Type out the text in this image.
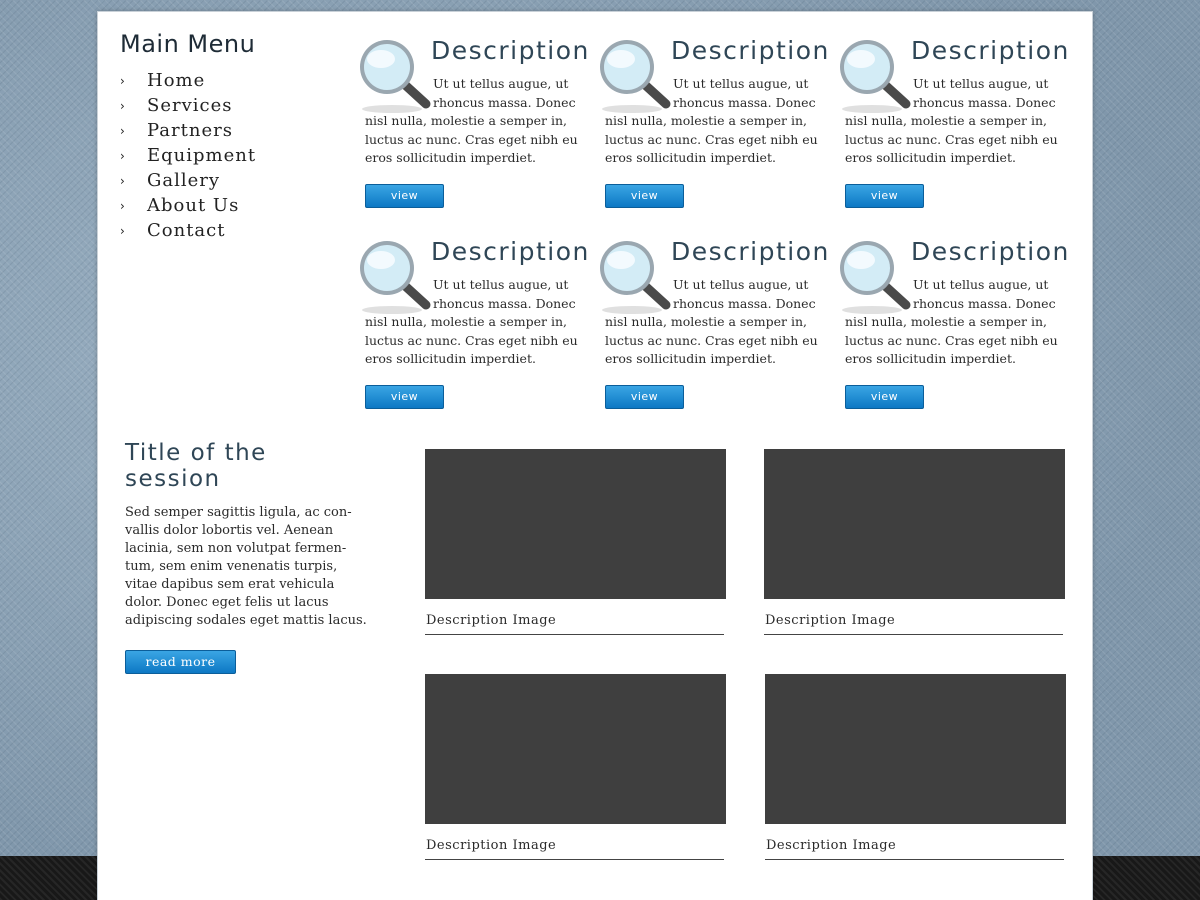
Main Menu
›	Home
›	Services
›	Partners
›	Equipment
›	Gallery
›	About Us
›	Contact
Description
Ut ut tellus augue, ut rhoncus massa. Donec nisl nulla, molestie a semper in, luctus ac nunc. Cras eget nibh eu eros sollicitudin imperdiet.
view
Description
Ut ut tellus augue, ut rhoncus massa. Donec nisl nulla, molestie a semper in, luctus ac nunc. Cras eget nibh eu eros sollicitudin imperdiet.
view
Description
Ut ut tellus augue, ut rhoncus massa. Donec nisl nulla, molestie a semper in, luctus ac nunc. Cras eget nibh eu eros sollicitudin imperdiet.
view
Description
Ut ut tellus augue, ut rhoncus massa. Donec nisl nulla, molestie a semper in, luctus ac nunc. Cras eget nibh eu eros sollicitudin imperdiet.
view
Description
Ut ut tellus augue, ut rhoncus massa. Donec nisl nulla, molestie a semper in, luctus ac nunc. Cras eget nibh eu eros sollicitudin imperdiet.
view
Description
Ut ut tellus augue, ut rhoncus massa. Donec nisl nulla, molestie a semper in, luctus ac nunc. Cras eget nibh eu eros sollicitudin imperdiet.
view
Title of the session

Sed semper sagittis ligula, ac con-vallis dolor lobortis vel. Aenean lacinia, sem non volutpat fermen-tum, sem enim venenatis turpis, vitae dapibus sem erat vehicula dolor. Donec eget felis ut lacus adipiscing sodales eget mattis lacus.

read more
Description Image	Description Image
Description Image	Description Image
